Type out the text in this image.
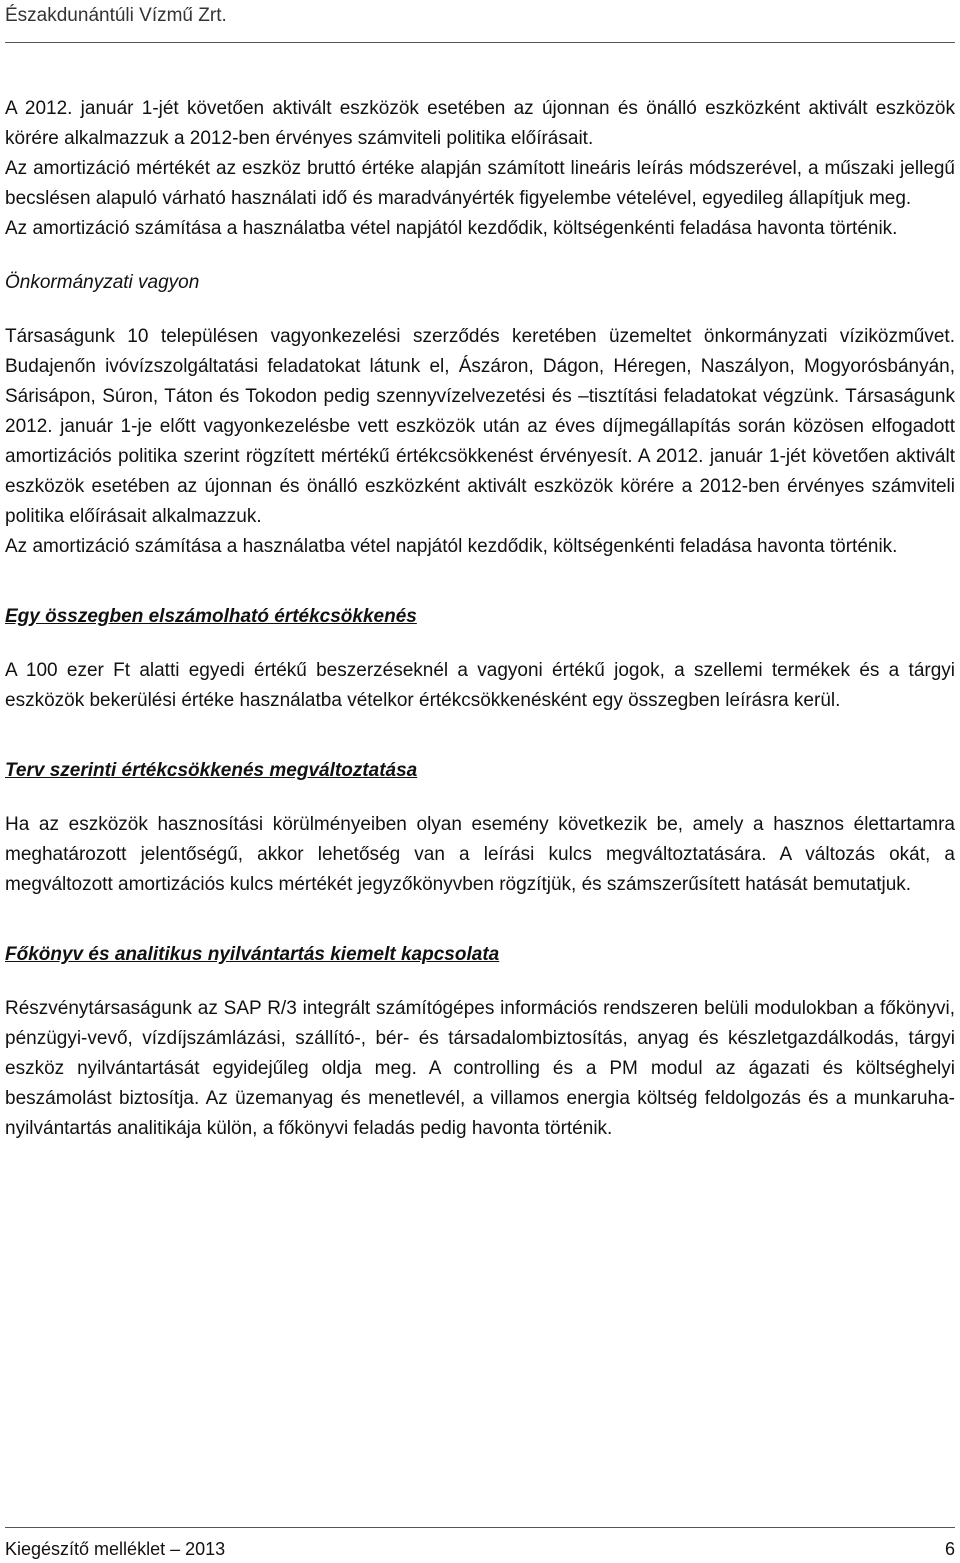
Északdunántúli Vízmű Zrt.

A 2012. január 1-jét követően aktivált eszközök esetében az újonnan és önálló eszközként aktivált eszközök körére alkalmazzuk a 2012-ben érvényes számviteli politika előírásait.

Az amortizáció mértékét az eszköz bruttó értéke alapján számított lineáris leírás módszerével, a műszaki jellegű becslésen alapuló várható használati idő és maradványérték figyelembe vételével, egyedileg állapítjuk meg.

Az amortizáció számítása a használatba vétel napjától kezdődik, költségenkénti feladása havonta történik.

Önkormányzati vagyon

Társaságunk 10 településen vagyonkezelési szerződés keretében üzemeltet önkormányzati víziközművet. Budajenőn ivóvízszolgáltatási feladatokat látunk el, Ászáron, Dágon, Héregen, Naszályon, Mogyorósbányán, Sárisápon, Súron, Táton és Tokodon pedig szennyvízelvezetési és –tisztítási feladatokat végzünk. Társaságunk 2012. január 1-je előtt vagyonkezelésbe vett eszközök után az éves díjmegállapítás során közösen elfogadott amortizációs politika szerint rögzített mértékű értékcsökkenést érvényesít. A 2012. január 1-jét követően aktivált eszközök esetében az újonnan és önálló eszközként aktivált eszközök körére a 2012-ben érvényes számviteli politika előírásait alkalmazzuk.

Az amortizáció számítása a használatba vétel napjától kezdődik, költségenkénti feladása havonta történik.

Egy összegben elszámolható értékcsökkenés

A 100 ezer Ft alatti egyedi értékű beszerzéseknél a vagyoni értékű jogok, a szellemi termékek és a tárgyi eszközök bekerülési értéke használatba vételkor értékcsökkenésként egy összegben leírásra kerül.

Terv szerinti értékcsökkenés megváltoztatása

Ha az eszközök hasznosítási körülményeiben olyan esemény következik be, amely a hasznos élettartamra meghatározott jelentőségű, akkor lehetőség van a leírási kulcs megváltoztatására. A változás okát, a megváltozott amortizációs kulcs mértékét jegyzőkönyvben rögzítjük, és számszerűsített hatását bemutatjuk.

Főkönyv és analitikus nyilvántartás kiemelt kapcsolata

Részvénytársaságunk az SAP R/3 integrált számítógépes információs rendszeren belüli modulokban a főkönyvi, pénzügyi-vevő, vízdíjszámlázási, szállító-, bér- és társadalombiztosítás, anyag és készletgazdálkodás, tárgyi eszköz nyilvántartását egyidejűleg oldja meg. A controlling és a PM modul az ágazati és költséghelyi beszámolást biztosítja. Az üzemanyag és menetlevél, a villamos energia költség feldolgozás és a munkaruha-nyilvántartás analitikája külön, a főkönyvi feladás pedig havonta történik.

Kiegészítő melléklet – 2013	6
